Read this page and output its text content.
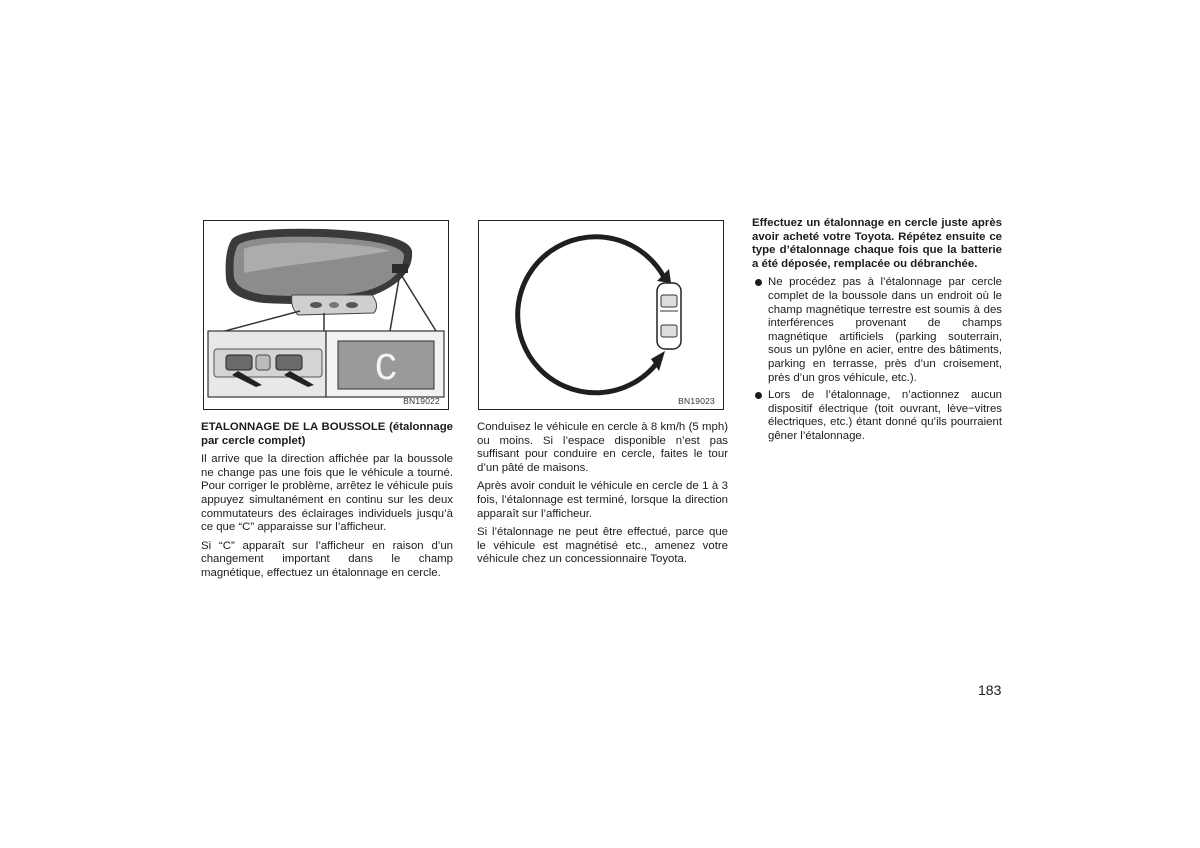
C
BN19022	BN19023
ETALONNAGE DE LA BOUSSOLE (étalonnage par cercle complet)

Il arrive que la direction affichée par la boussole ne change pas une fois que le véhicule a tourné. Pour corriger le problème, arrêtez le véhicule puis appuyez simultanément en continu sur les deux commutateurs des éclairages individuels jusqu’à ce que “C” apparaisse sur l’afficheur.

Si “C” apparaît sur l’afficheur en raison d’un changement important dans le champ magnétique, effectuez un étalonnage en cercle.

Conduisez le véhicule en cercle à 8 km/h (5 mph) ou moins. Si l’espace disponible n’est pas suffisant pour conduire en cercle, faites le tour d’un pâté de maisons.

Après avoir conduit le véhicule en cercle de 1 à 3 fois, l’étalonnage est terminé, lorsque la direction apparaît sur l’afficheur.

Si l’étalonnage ne peut être effectué, parce que le véhicule est magnétisé etc., amenez votre véhicule chez un concessionnaire Toyota.

Effectuez un étalonnage en cercle juste après avoir acheté votre Toyota. Répétez ensuite ce type d’étalonnage chaque fois que la batterie a été déposée, remplacée ou débranchée.

Ne procédez pas à l’étalonnage par cercle complet de la boussole dans un endroit où le champ magnétique terrestre est soumis à des interférences provenant de champs magnétique artificiels (parking souterrain, sous un pylône en acier, entre des bâtiments, parking en terrasse, près d’un croisement, près d’un gros véhicule, etc.).
Lors de l’étalonnage, n’actionnez aucun dispositif électrique (toit ouvrant, lève−vitres électriques, etc.) étant donné qu’ils pourraient gêner l’étalonnage.
183
